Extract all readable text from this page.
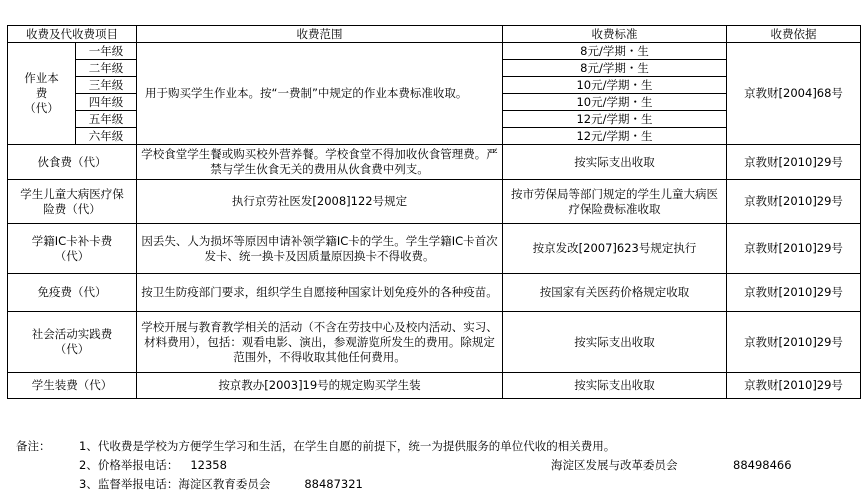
收费及代收费项目		收费范围	收费标准	收费依据
作业本费（代）	一年级	用于购买学生作业本。按“一费制”中规定的作业本费标准收取。	8元/学期・生	京教财[2004]68号
	二年级		8元/学期・生	
	三年级		10元/学期・生	
	四年级		10元/学期・生	
	五年级		12元/学期・生	
	六年级		12元/学期・生	
伙食费（代）		学校食堂学生餐或购买校外营养餐。学校食堂不得加收伙食管理费。严禁与学生伙食无关的费用从伙食费中列支。	按实际支出收取	京教财[2010]29号
学生儿童大病医疗保险费（代）		执行京劳社医发[2008]122号规定	按市劳保局等部门规定的学生儿童大病医疗保险费标准收取	京教财[2010]29号
学籍IC卡补卡费（代）		因丢失、人为损坏等原因申请补领学籍IC卡的学生。学生学籍IC卡首次发卡、统一换卡及因质量原因换卡不得收费。	按京发改[2007]623号规定执行	京教财[2010]29号
免疫费（代）		按卫生防疫部门要求，组织学生自愿接种国家计划免疫外的各种疫苗。	按国家有关医药价格规定收取	京教财[2010]29号
社会活动实践费（代）		学校开展与教育教学相关的活动（不含在劳技中心及校内活动、实习、材料费用），包括：观看电影、演出，参观游览所发生的费用。除规定范围外，不得收取其他任何费用。	按实际支出收取	京教财[2010]29号
学生装费（代）		按京教办[2003]19号的规定购买学生装	按实际支出收取	京教财[2010]29号
备注： 1、代收费是学校为方便学生学习和生活，在学生自愿的前提下，统一为提供服务的单位代收的相关费用。
2、价格举报电话： 12358	海淀区发展与改革委员会	88498466
3、监督举报电话：海淀区教育委员会	88487321
